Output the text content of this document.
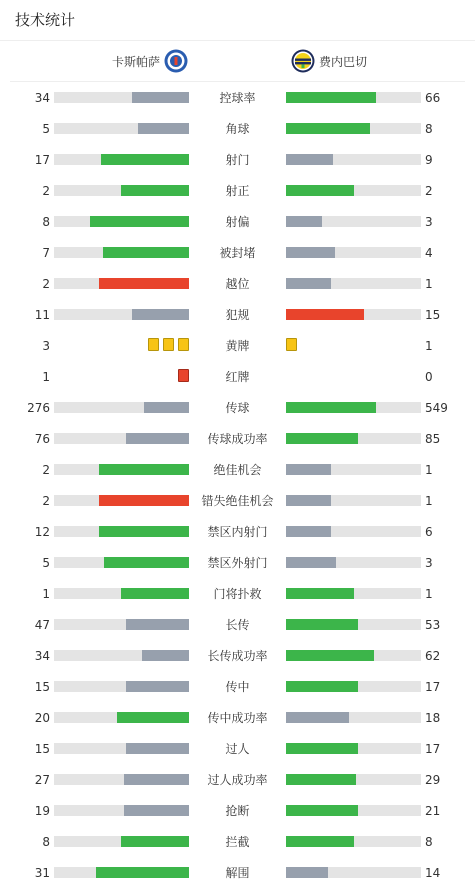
技术统计
卡斯帕萨	费内巴切
34	控球率	66
5	角球	8
17	射门	9
2	射正	2
8	射偏	3
7	被封堵	4
2	越位	1
11	犯规	15
3	黄牌	1
1	红牌	0
276	传球	549
76	传球成功率	85
2	绝佳机会	1
2	错失绝佳机会	1
12	禁区内射门	6
5	禁区外射门	3
1	门将扑救	1
47	长传	53
34	长传成功率	62
15	传中	17
20	传中成功率	18
15	过人	17
27	过人成功率	29
19	抢断	21
8	拦截	8
31	解围	14
